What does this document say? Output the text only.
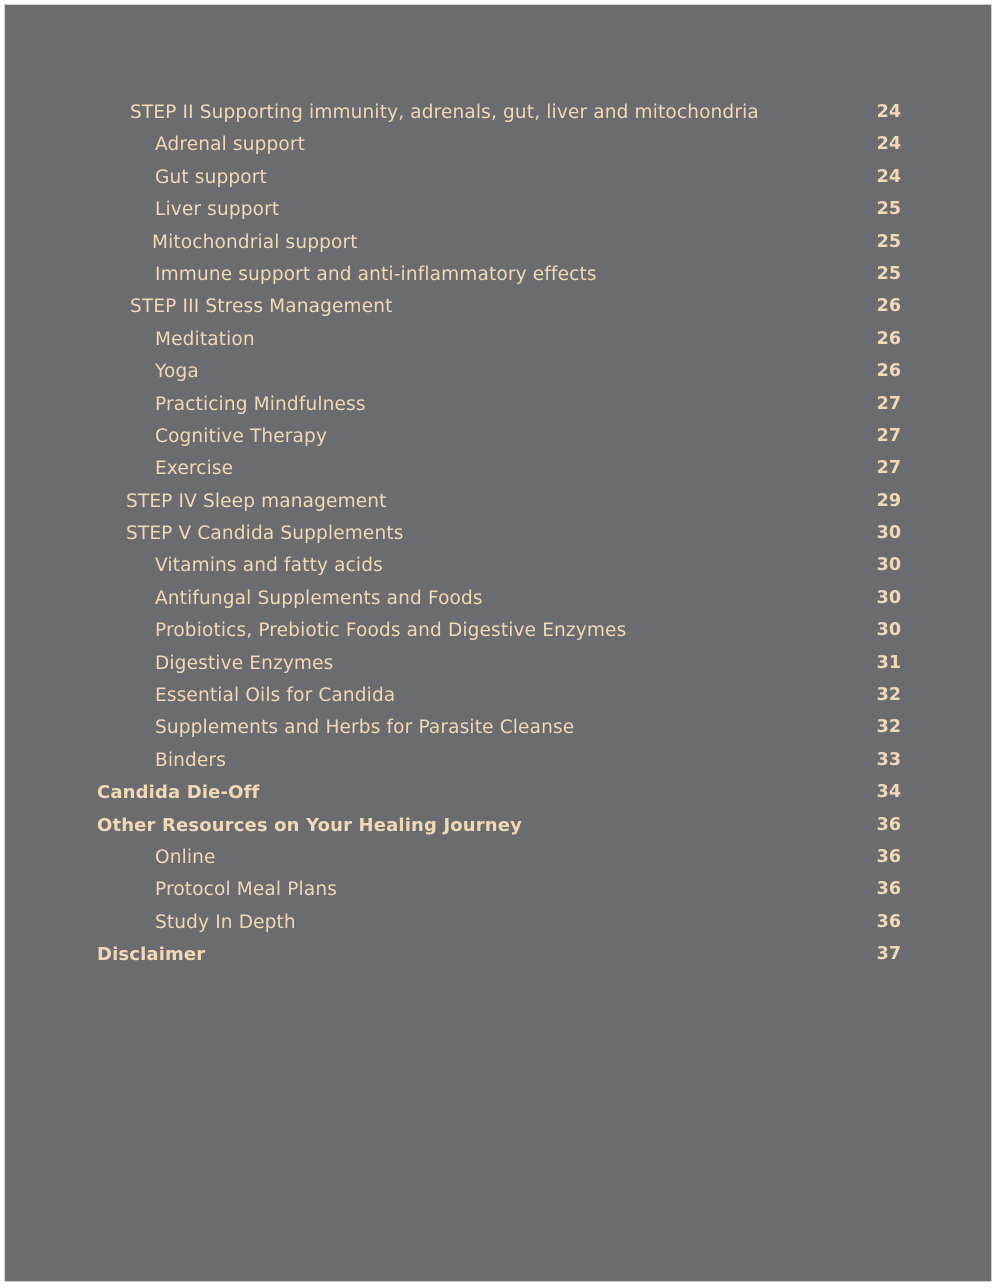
STEP II Supporting immunity, adrenals, gut, liver and mitochondria	24
Adrenal support	24
Gut support	24
Liver support	25
Mitochondrial support	25
Immune support and anti-inflammatory effects	25
STEP III Stress Management	26
Meditation	26
Yoga	26
Practicing Mindfulness	27
Cognitive Therapy	27
Exercise	27
STEP IV Sleep management	29
STEP V Candida Supplements	30
Vitamins and fatty acids	30
Antifungal Supplements and Foods	30
Probiotics, Prebiotic Foods and Digestive Enzymes	30
Digestive Enzymes	31
Essential Oils for Candida	32
Supplements and Herbs for Parasite Cleanse	32
Binders	33
Candida Die-Off	34
Other Resources on Your Healing Journey	36
Online	36
Protocol Meal Plans	36
Study In Depth	36
Disclaimer	37
